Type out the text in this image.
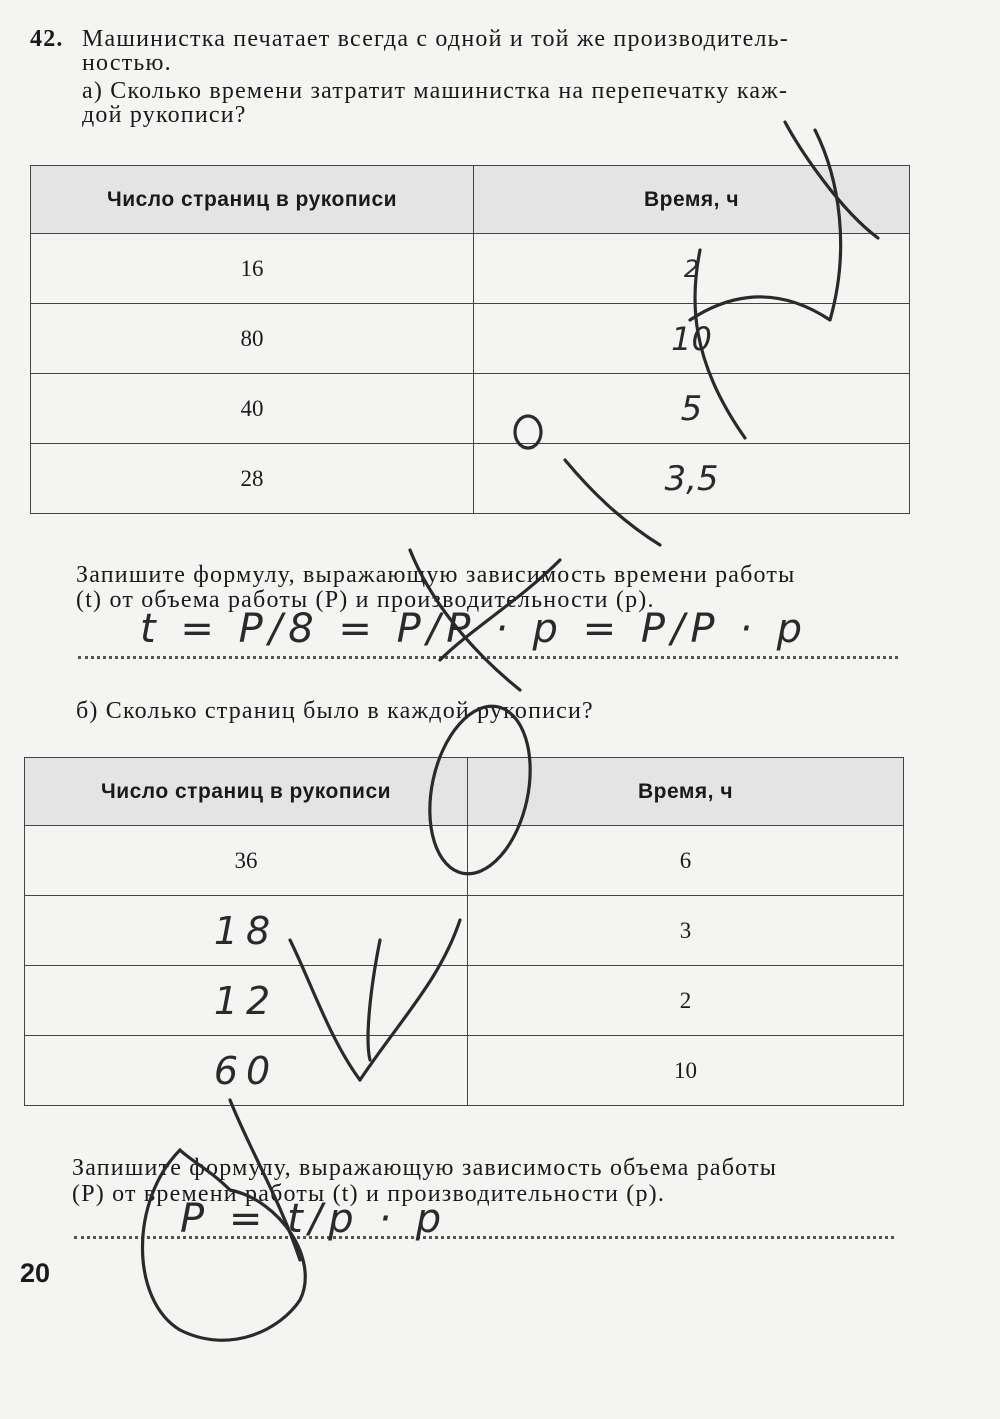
42. Машинистка печатает всегда с одной и той же производитель-
ностью.
а) Сколько времени затратит машинистка на перепечатку каж-
дой рукописи?
Число страниц в рукописи	Время, ч
16	2
80	10
40	5
28	3,5
Запишите формулу, выражающую зависимость времени работы
(t) от объема работы (P) и производительности (p).
t = P/8 = P/P · p = P/P · p
б) Сколько страниц было в каждой рукописи?
Число страниц в рукописи	Время, ч
36	6
18	3
12	2
60	10
Запишите формулу, выражающую зависимость объема работы
(P) от времени работы (t) и производительности (p).
P = t/p · p
20
